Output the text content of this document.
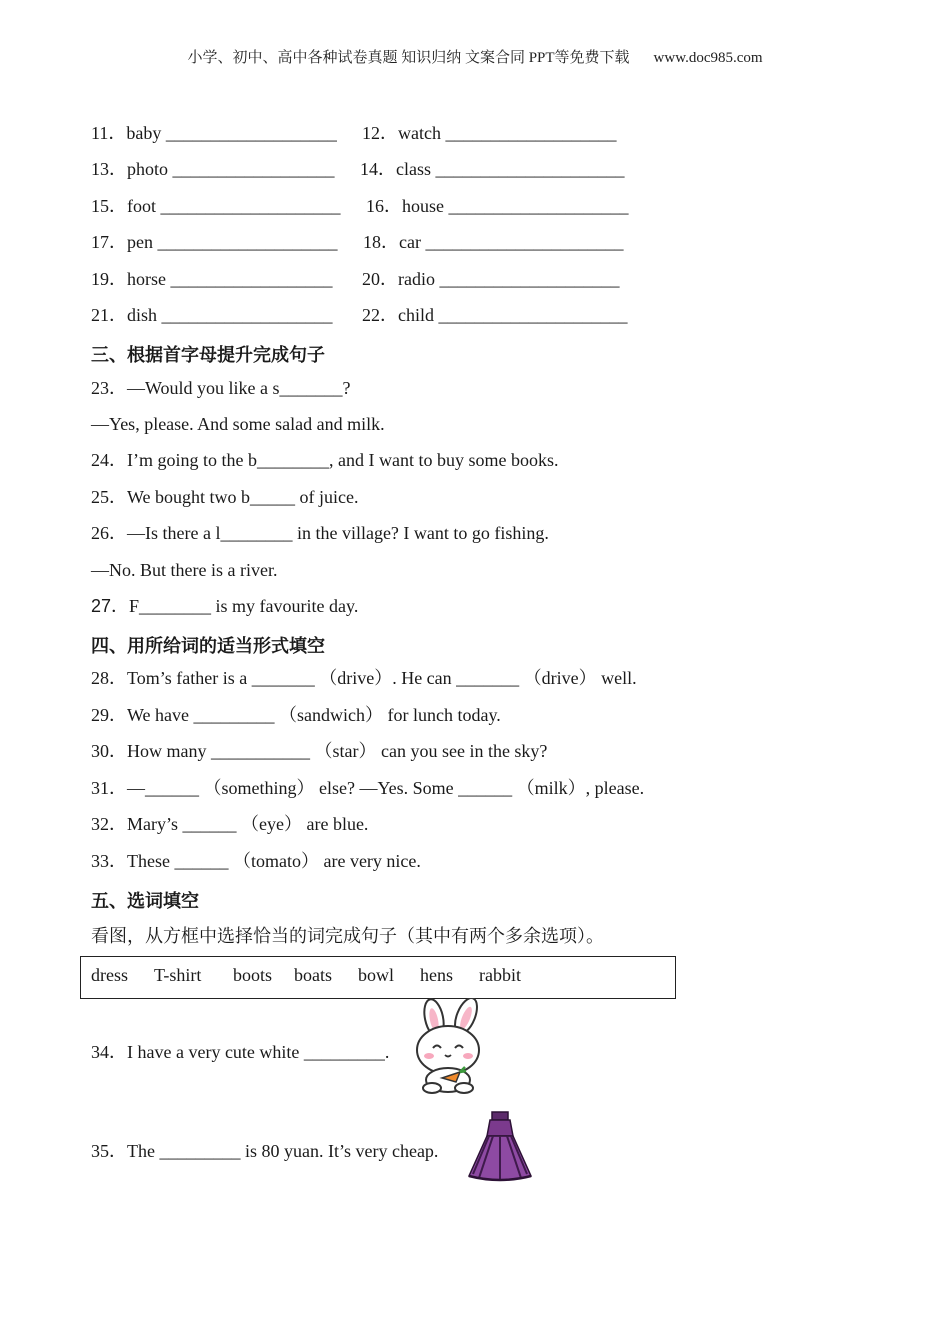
小学、初中、高中各种试卷真题 知识归纳 文案合同 PPT等免费下载 www.doc985.com
11．baby ___________________ 12．watch ___________________
13．photo __________________ 14．class _____________________
15．foot ____________________ 16．house ____________________
17．pen ____________________ 18．car ______________________
19．horse __________________ 20．radio ____________________
21．dish ___________________ 22．child _____________________
三、根据首字母提升完成句子
23．—Would you like a s_______?
—Yes, please. And some salad and milk.
24．I’m going to the b________, and I want to buy some books.
25．We bought two b_____ of juice.
26．—Is there a l________ in the village? I want to go fishing.
—No. But there is a river.
27．F________ is my favourite day.
四、用所给词的适当形式填空
28．Tom’s father is a _______ （drive）. He can _______ （drive） well.
29．We have _________ （sandwich） for lunch today.
30．How many ___________ （star） can you see in the sky?
31．—______ （something） else? —Yes. Some ______ （milk）, please.
32．Mary’s ______ （eye） are blue.
33．These ______ （tomato） are very nice.
五、选词填空
看图，从方框中选择恰当的词完成句子（其中有两个多余选项）。
dress T-shirt boots boats bowl hens rabbit
34．I have a very cute white _________.
35．The _________ is 80 yuan. It’s very cheap.
